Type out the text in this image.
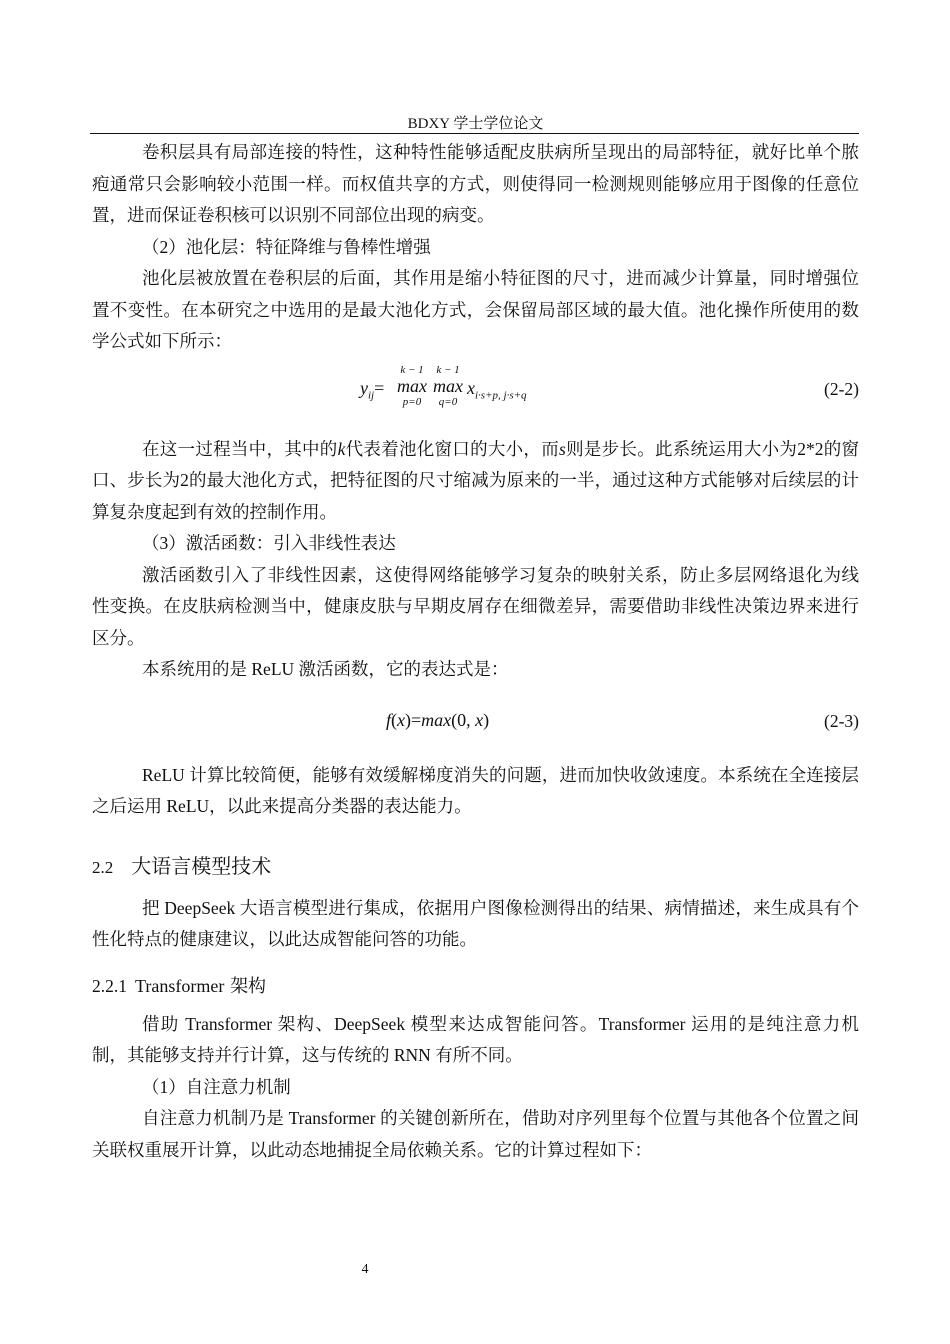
BDXY 学士学位论文

卷积层具有局部连接的特性，这种特性能够适配皮肤病所呈现出的局部特征，就好比单个脓疱通常只会影响较小范围一样。而权值共享的方式，则使得同一检测规则能够应用于图像的任意位置，进而保证卷积核可以识别不同部位出现的病变。

（2）池化层：特征降维与鲁棒性增强

池化层被放置在卷积层的后面，其作用是缩小特征图的尺寸，进而减少计算量，同时增强位置不变性。在本研究之中选用的是最大池化方式，会保留局部区域的最大值。池化操作所使用的数学公式如下所示：

$y_{ij}=$
k − 1
max
p=0
k − 1
max
q=0
$x_{i\cdot s+p, j\cdot s+q}$	(2-2)

在这一过程当中，其中的k代表着池化窗口的大小，而s则是步长。此系统运用大小为2*2的窗口、步长为2的最大池化方式，把特征图的尺寸缩减为原来的一半，通过这种方式能够对后续层的计算复杂度起到有效的控制作用。

（3）激活函数：引入非线性表达

激活函数引入了非线性因素，这使得网络能够学习复杂的映射关系，防止多层网络退化为线性变换。在皮肤病检测当中，健康皮肤与早期皮屑存在细微差异，需要借助非线性决策边界来进行区分。

本系统用的是 ReLU 激活函数，它的表达式是：

f(x)=max(0, x)	(2-3)

ReLU 计算比较简便，能够有效缓解梯度消失的问题，进而加快收敛速度。本系统在全连接层之后运用 ReLU，以此来提高分类器的表达能力。

2.2 大语言模型技术

把 DeepSeek 大语言模型进行集成，依据用户图像检测得出的结果、病情描述，来生成具有个性化特点的健康建议，以此达成智能问答的功能。

2.2.1 Transformer 架构

借助 Transformer 架构、DeepSeek 模型来达成智能问答。Transformer 运用的是纯注意力机制，其能够支持并行计算，这与传统的 RNN 有所不同。

（1）自注意力机制

自注意力机制乃是 Transformer 的关键创新所在，借助对序列里每个位置与其他各个位置之间关联权重展开计算，以此动态地捕捉全局依赖关系。它的计算过程如下：

4
